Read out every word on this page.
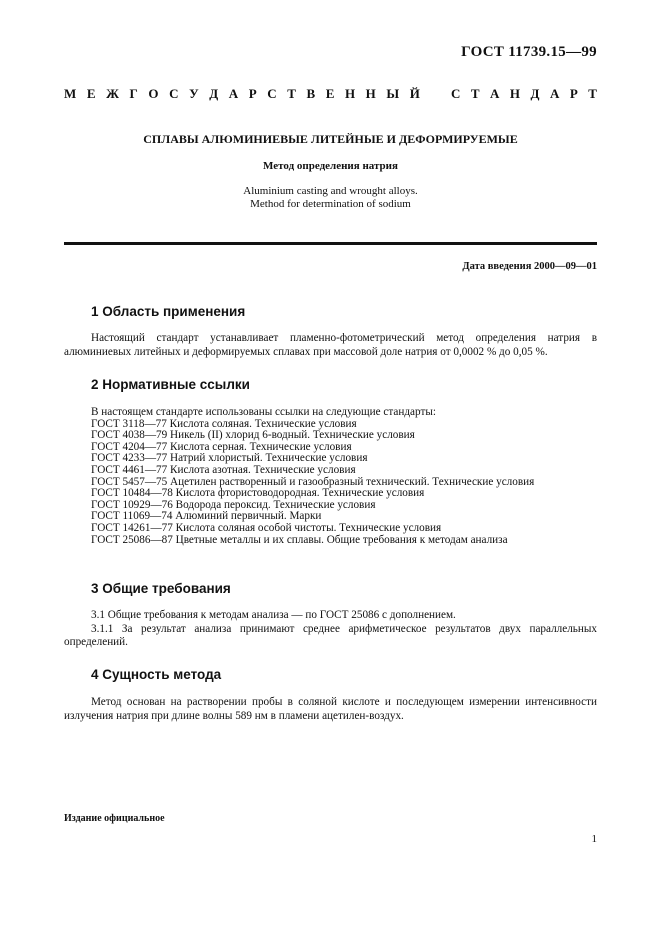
ГОСТ 11739.15—99
М Е Ж Г О С У Д А Р С Т В Е Н Н Ы Й С Т А Н Д А Р Т
СПЛАВЫ АЛЮМИНИЕВЫЕ ЛИТЕЙНЫЕ И ДЕФОРМИРУЕМЫЕ
Метод определения натрия
Aluminium casting and wrought alloys.
Method for determination of sodium
Дата введения 2000—09—01
1 Область применения

Настоящий стандарт устанавливает пламенно-фотометрический метод определения натрия в алюминиевых литейных и деформируемых сплавах при массовой доле натрия от 0,0002 % до 0,05 %.

2 Нормативные ссылки
В настоящем стандарте использованы ссылки на следующие стандарты:
ГОСТ 3118—77 Кислота соляная. Технические условия
ГОСТ 4038—79 Никель (II) хлорид 6-водный. Технические условия
ГОСТ 4204—77 Кислота серная. Технические условия
ГОСТ 4233—77 Натрий хлористый. Технические условия
ГОСТ 4461—77 Кислота азотная. Технические условия
ГОСТ 5457—75 Ацетилен растворенный и газообразный технический. Технические условия
ГОСТ 10484—78 Кислота фтористоводородная. Технические условия
ГОСТ 10929—76 Водорода пероксид. Технические условия
ГОСТ 11069—74 Алюминий первичный. Марки
ГОСТ 14261—77 Кислота соляная особой чистоты. Технические условия
ГОСТ 25086—87 Цветные металлы и их сплавы. Общие требования к методам анализа
3 Общие требования

3.1 Общие требования к методам анализа — по ГОСТ 25086 с дополнением.

3.1.1 За результат анализа принимают среднее арифметическое результатов двух параллельных определений.

4 Сущность метода

Метод основан на растворении пробы в соляной кислоте и последующем измерении интенсивности излучения натрия при длине волны 589 нм в пламени ацетилен-воздух.

Издание официальное
1
